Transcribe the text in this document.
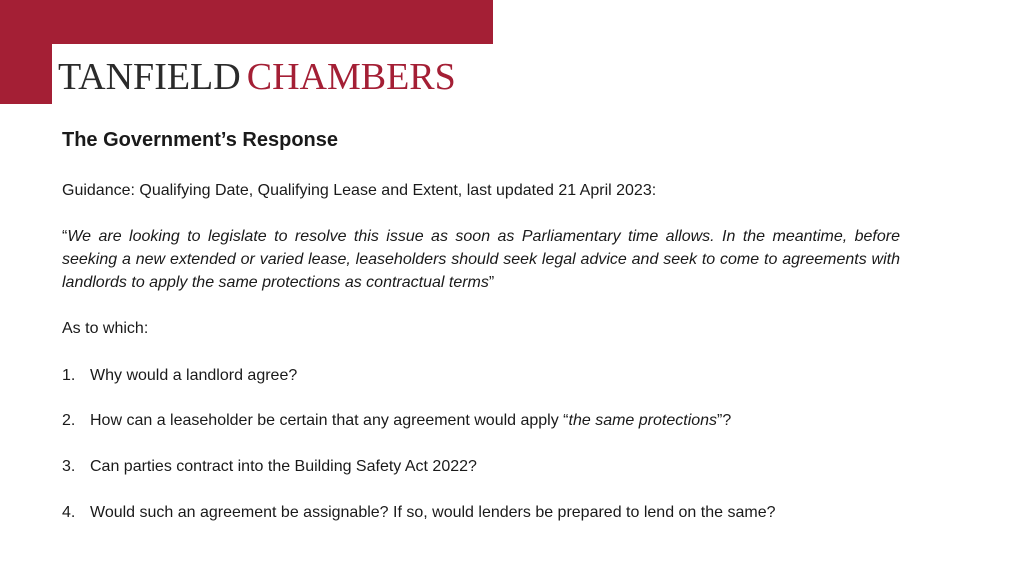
TANFIELD CHAMBERS
The Government’s Response

Guidance: Qualifying Date, Qualifying Lease and Extent, last updated 21 April 2023:

“We are looking to legislate to resolve this issue as soon as Parliamentary time allows. In the meantime, before seeking a new extended or varied lease, leaseholders should seek legal advice and seek to come to agreements with landlords to apply the same protections as contractual terms”

As to which:

1. Why would a landlord agree?
2. How can a leaseholder be certain that any agreement would apply “the same protections”?
3. Can parties contract into the Building Safety Act 2022?
4. Would such an agreement be assignable? If so, would lenders be prepared to lend on the same?
